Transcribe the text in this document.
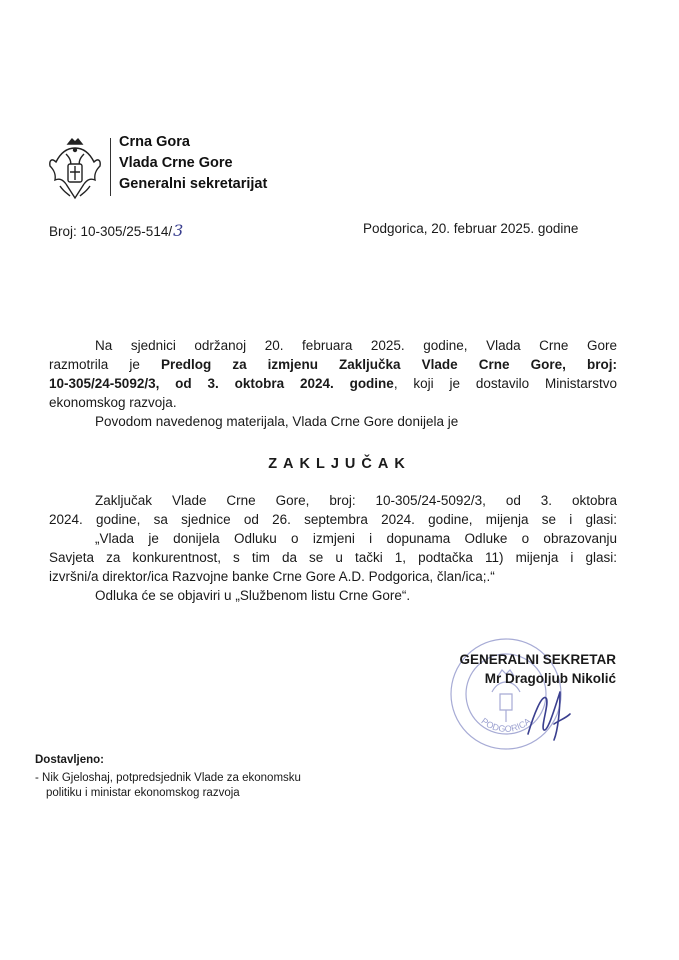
Crna Gora
Vlada Crne Gore
Generalni sekretarijat
Broj: 10-305/25-514/3	Podgorica, 20. februar 2025. godine
Na sjednici održanoj 20. februara 2025. godine, Vlada Crne Gore
razmotrila je Predlog za izmjenu Zaključka Vlade Crne Gore, broj:
10-305/24-5092/3, od 3. oktobra 2024. godine, koji je dostavilo Ministarstvo
ekonomskog razvoja.
Povodom navedenog materijala, Vlada Crne Gore donijela je
ZAKLJUČAK
Zaključak Vlade Crne Gore, broj: 10-305/24-5092/3, od 3. oktobra
2024. godine, sa sjednice od 26. septembra 2024. godine, mijenja se i glasi:
„Vlada je donijela Odluku o izmjeni i dopunama Odluke o obrazovanju
Savjeta za konkurentnost, s tim da se u tački 1, podtačka 11) mijenja i glasi:
izvršni/a direktor/ica Razvojne banke Crne Gore A.D. Podgorica, član/ica;.“
Odluka će se objaviri u „Službenom listu Crne Gore“.
PODGORICA
GENERALNI SEKRETAR
Mr Dragoljub Nikolić
Dostavljeno:
- Nik Gjeloshaj, potpredsjednik Vlade za ekonomsku
politiku i ministar ekonomskog razvoja
